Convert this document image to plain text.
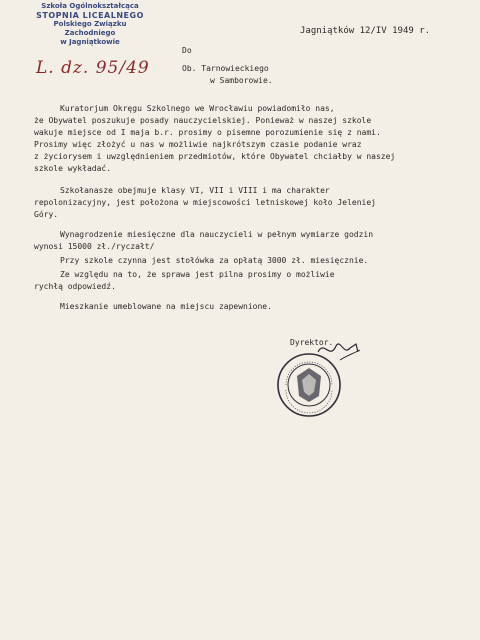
Szkoła Ogólnokształcąca
STOPNIA LICEALNEGO
Polskiego Związku Zachodniego
w Jagniątkowie
L. dz. 95/49
Jagniątków 12/IV 1949 r.
Do
Ob. Tarnowieckiego
w Samborowie.
Kuratorjum Okręgu Szkolnego we Wrocławiu powiadomiło nas,
że Obywatel poszukuje posady nauczycielskiej. Ponieważ w naszej szkole
wakuje miejsce od I maja b.r. prosimy o pisemne porozumienie się z nami.
Prosimy więc złożyć u nas w możliwie najkrótszym czasie podanie wraz
z życiorysem i uwzględnieniem przedmiotów, które Obywatel chciałby w naszej
szkole wykładać.
Szkołanasze obejmuje klasy VI, VII i VIII i ma charakter
repolonizacyjny, jest położona w miejscowości letniskowej koło Jeleniej
Góry.
Wynagrodzenie miesięczne dla nauczycieli w pełnym wymiarze godzin
wynosi 15000 zł./ryczałt/
Przy szkole czynna jest stołówka za opłatą 3000 zł. miesięcznie.
Ze względu na to, że sprawa jest pilna prosimy o możliwie
rychłą odpowiedź.
Mieszkanie umeblowane na miejscu zapewnione.
Dyrektor.
